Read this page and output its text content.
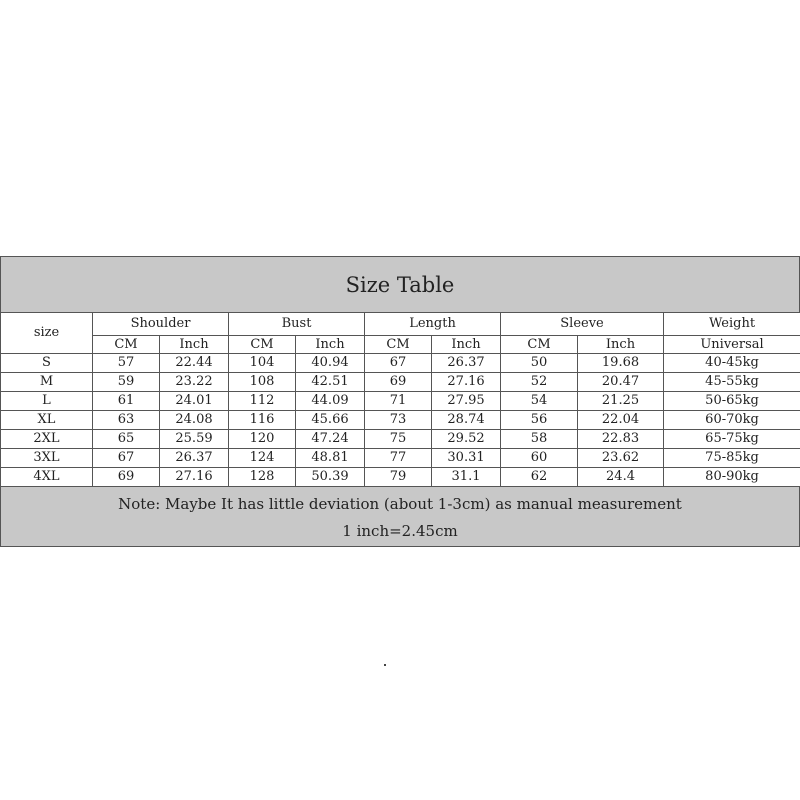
Size Table
size	Shoulder		Bust		Length		Sleeve		Weight
	CM	Inch	CM	Inch	CM	Inch	CM	Inch	Universal
S	57	22.44	104	40.94	67	26.37	50	19.68	40-45kg
M	59	23.22	108	42.51	69	27.16	52	20.47	45-55kg
L	61	24.01	112	44.09	71	27.95	54	21.25	50-65kg
XL	63	24.08	116	45.66	73	28.74	56	22.04	60-70kg
2XL	65	25.59	120	47.24	75	29.52	58	22.83	65-75kg
3XL	67	26.37	124	48.81	77	30.31	60	23.62	75-85kg
4XL	69	27.16	128	50.39	79	31.1	62	24.4	80-90kg
Note: Maybe It has little deviation (about 1-3cm) as manual measurement
1 inch=2.45cm
